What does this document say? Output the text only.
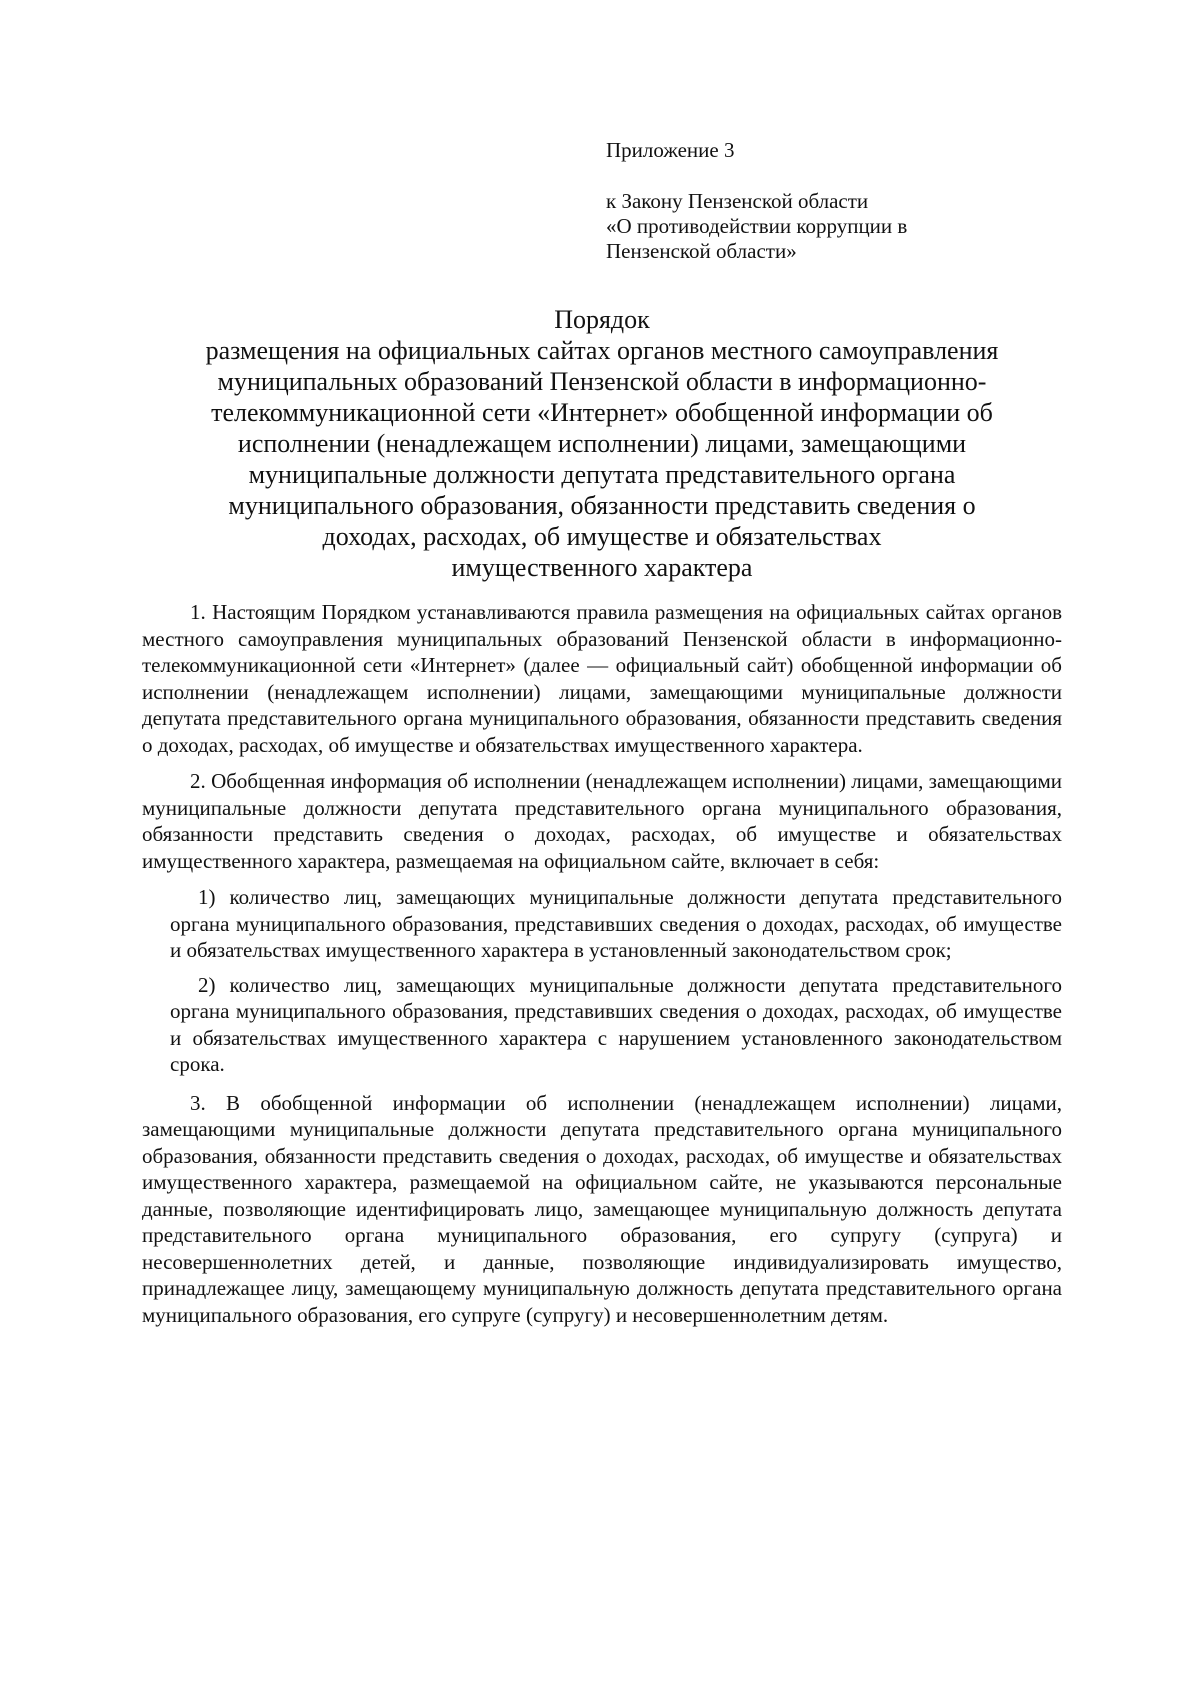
Приложение 3
к Закону Пензенской области
«О противодействии коррупции в
Пензенской области»
Порядок
размещения на официальных сайтах органов местного самоуправления
муниципальных образований Пензенской области в информационно-
телекоммуникационной сети «Интернет» обобщенной информации об
исполнении (ненадлежащем исполнении) лицами, замещающими
муниципальные должности депутата представительного органа
муниципального образования, обязанности представить сведения о
доходах, расходах, об имуществе и обязательствах
имущественного характера

1. Настоящим Порядком устанавливаются правила размещения на официальных сайтах органов местного самоуправления муниципальных образований Пензенской области в информационно-телекоммуникационной сети «Интернет» (далее — официальный сайт) обобщенной информации об исполнении (ненадлежащем исполнении) лицами, замещающими муниципальные должности депутата представительного органа муниципального образования, обязанности представить сведения о доходах, расходах, об имуществе и обязательствах имущественного характера.

2. Обобщенная информация об исполнении (ненадлежащем исполнении) лицами, замещающими муниципальные должности депутата представительного органа муниципального образования, обязанности представить сведения о доходах, расходах, об имуществе и обязательствах имущественного характера, размещаемая на официальном сайте, включает в себя:

1) количество лиц, замещающих муниципальные должности депутата представительного органа муниципального образования, представивших сведения о доходах, расходах, об имуществе и обязательствах имущественного характера в установленный законодательством срок;

2) количество лиц, замещающих муниципальные должности депутата представительного органа муниципального образования, представивших сведения о доходах, расходах, об имуществе и обязательствах имущественного характера с нарушением установленного законодательством срока.

3. В обобщенной информации об исполнении (ненадлежащем исполнении) лицами, замещающими муниципальные должности депутата представительного органа муниципального образования, обязанности представить сведения о доходах, расходах, об имуществе и обязательствах имущественного характера, размещаемой на официальном сайте, не указываются персональные данные, позволяющие идентифицировать лицо, замещающее муниципальную должность депутата представительного органа муниципального образования, его супругу (супруга) и несовершеннолетних детей, и данные, позволяющие индивидуализировать имущество, принадлежащее лицу, замещающему муниципальную должность депутата представительного органа муниципального образования, его супруге (супругу) и несовершеннолетним детям.
